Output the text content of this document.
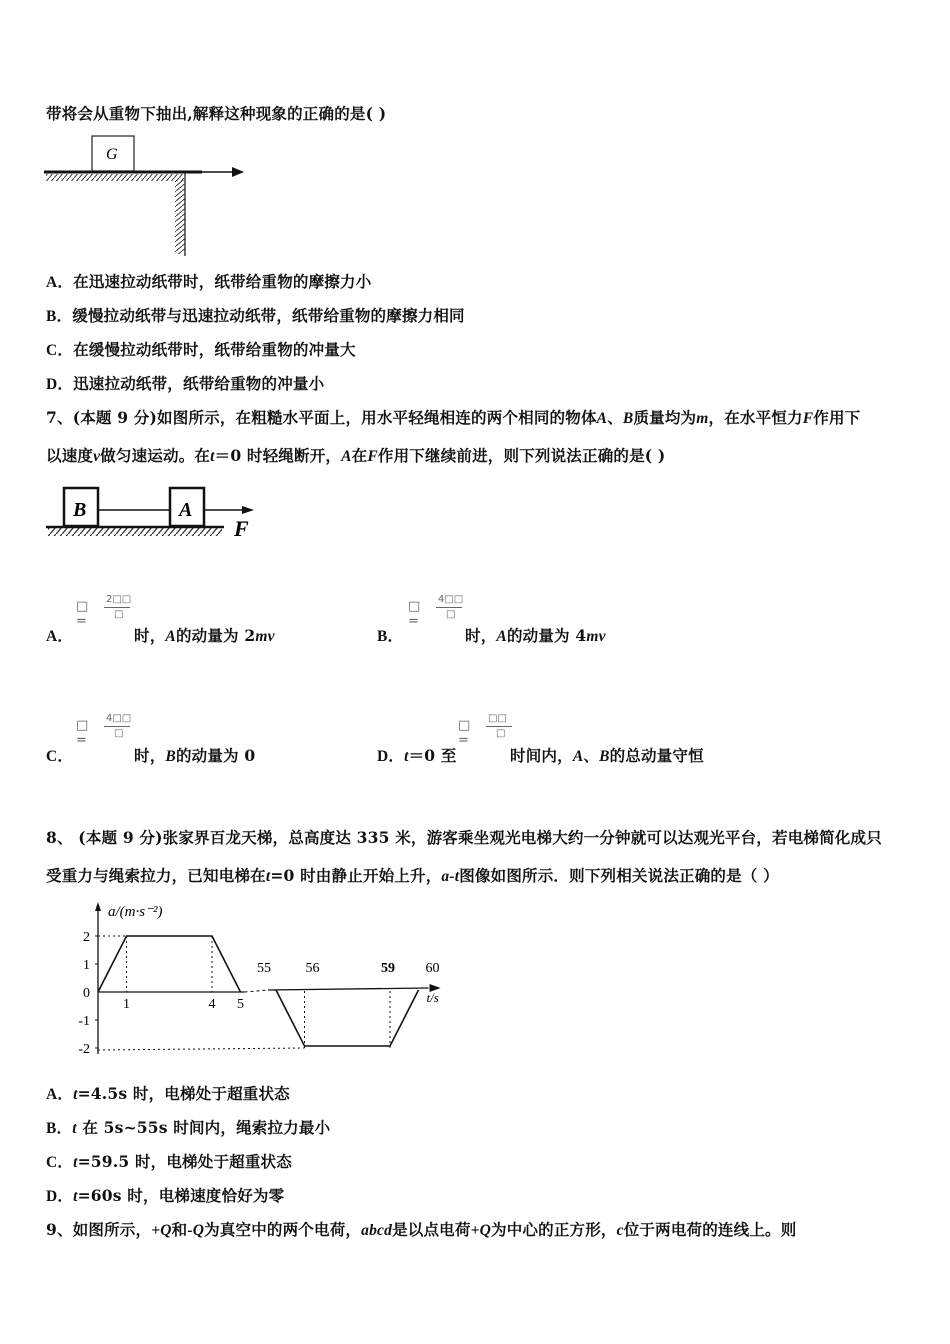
带将会从重物下抽出,解释这种现象的正确的是( )
G
A．在迅速拉动纸带时，纸带给重物的摩擦力小
B．缓慢拉动纸带与迅速拉动纸带，纸带给重物的摩擦力相同
C．在缓慢拉动纸带时，纸带给重物的冲量大
D．迅速拉动纸带，纸带给重物的冲量小
7、(本题 9 分)如图所示，在粗糙水平面上，用水平轻绳相连的两个相同的物体A、B质量均为m，在水平恒力F作用下
以速度v做匀速运动。在t＝0 时轻绳断开，A在F作用下继续前进，则下列说法正确的是( )
B	A
F
□ =
2□□
□
A．	时，A的动量为 2mv
□ =
4□□
□
B．	时，A的动量为 4mv
□ =
4□□
□
C．	时，B的动量为 0
□ =
□□
□
D．t＝0 至	时间内，A、B的总动量守恒
8、 (本题 9 分)张家界百龙天梯，总高度达 335 米，游客乘坐观光电梯大约一分钟就可以达观光平台，若电梯简化成只
受重力与绳索拉力，已知电梯在t=0 时由静止开始上升，a-t图像如图所示．则下列相关说法正确的是（ ）
a/(m·s⁻²)
t/s
2
1
0
-1
-2
1	4 5
55 56	59 60
A．t=4.5s 时，电梯处于超重状态
B．t 在 5s~55s 时间内，绳索拉力最小
C．t=59.5 时，电梯处于超重状态
D．t=60s 时，电梯速度恰好为零
9、如图所示，+Q和-Q为真空中的两个电荷，abcd是以点电荷+Q为中心的正方形，c位于两电荷的连线上。则
